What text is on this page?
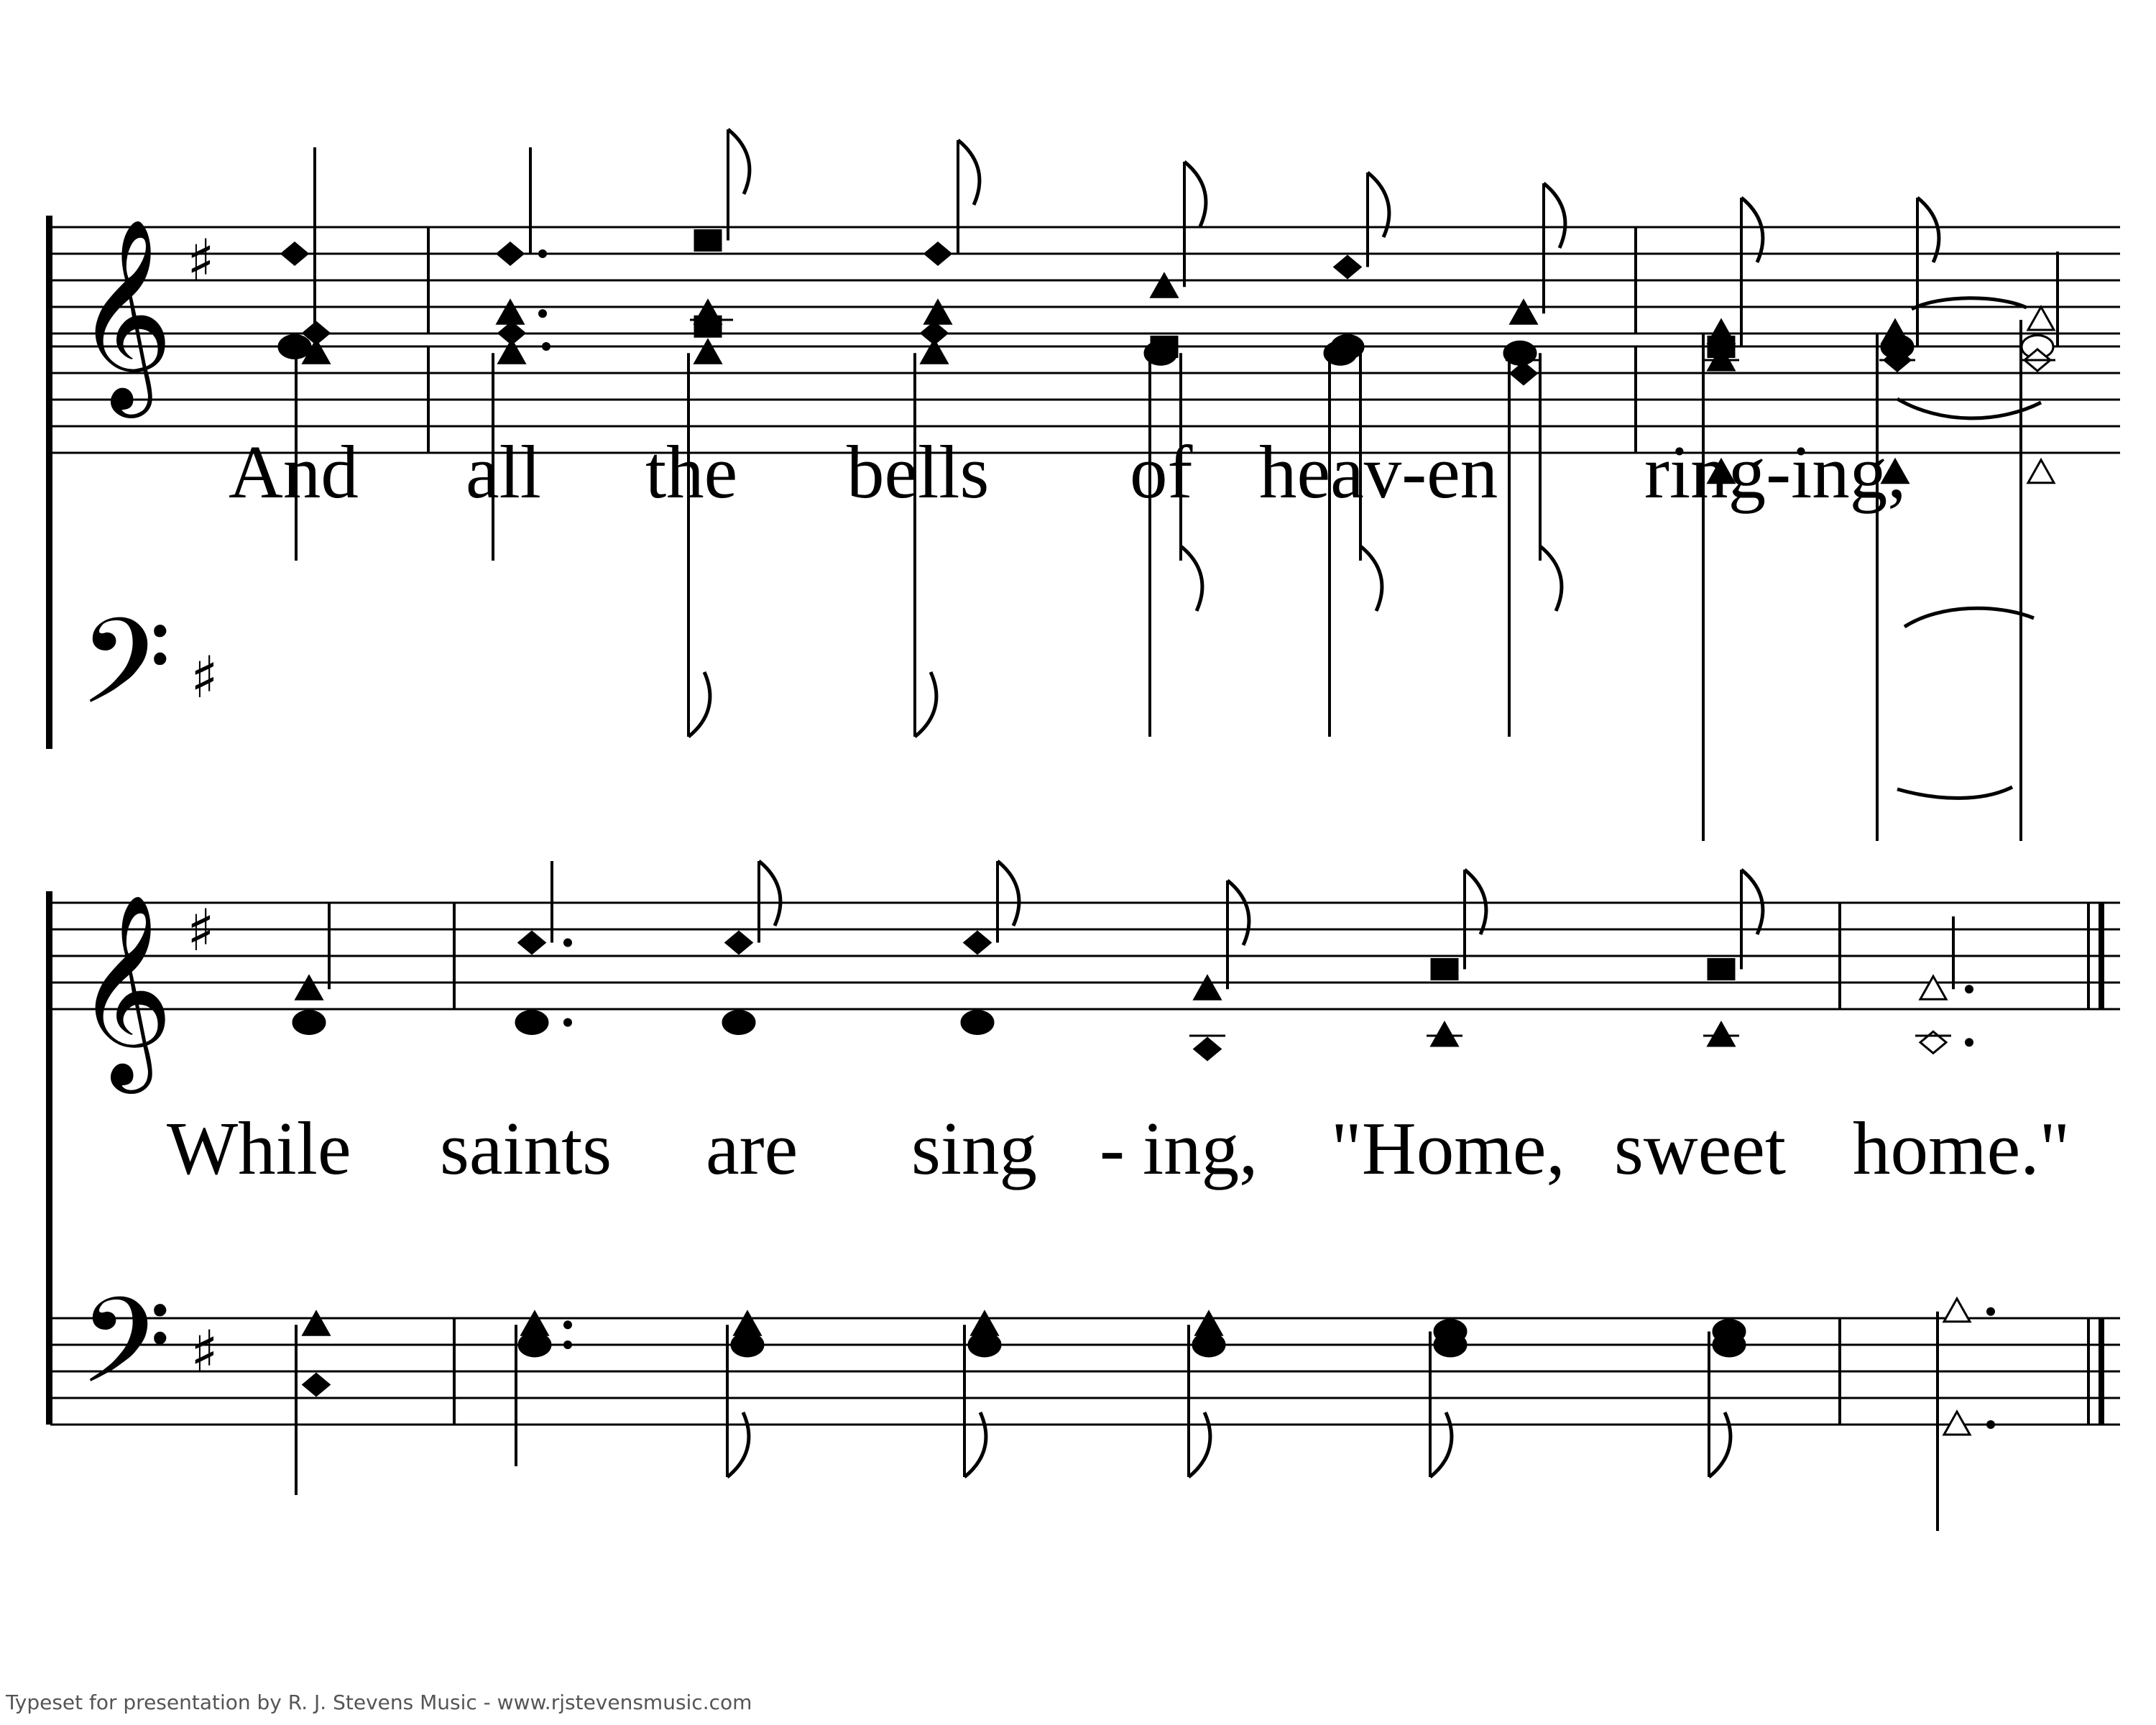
𝄞
𝄢
𝄞
𝄢
♯
♯
♯
♯
And all the bells of heav-en ring-ing,
While saints are sing - ing, "Home, sweet home."
Typeset for presentation by R. J. Stevens Music - www.rjstevensmusic.com
